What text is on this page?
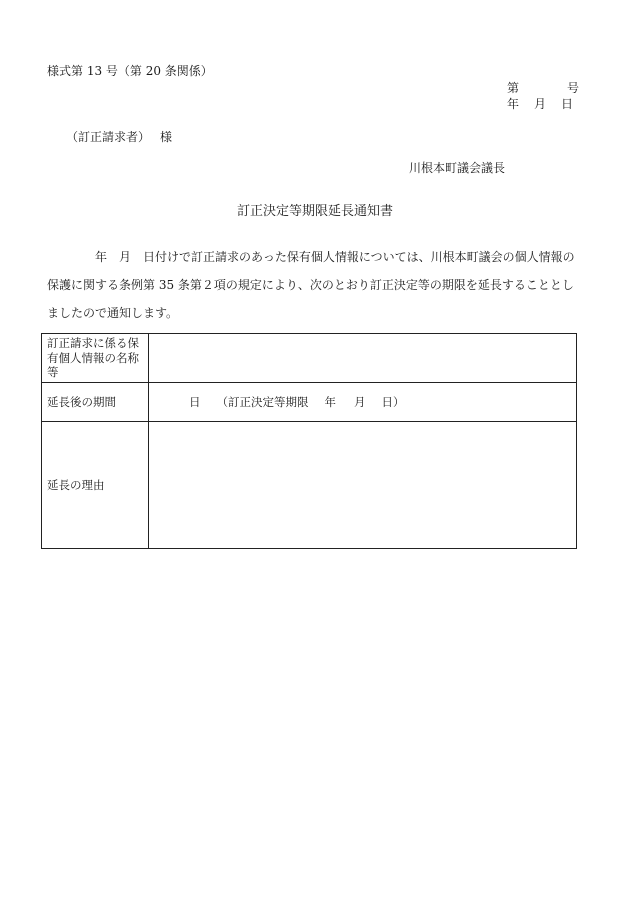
様式第 13 号（第 20 条関係）
第	号
年 月 日
（訂正請求者） 様
川根本町議会議長
訂正決定等期限延長通知書
年　月　日付けで訂正請求のあった保有個人情報については、川根本町議会の個人情報の保護に関する条例第 35 条第２項の規定により、次のとおり訂正決定等の期限を延長することとしましたので通知します。
訂正請求に係る保有個人情報の名称等	
延長後の期間	日 （訂正決定等期限 年 月 日）
延長の理由	
